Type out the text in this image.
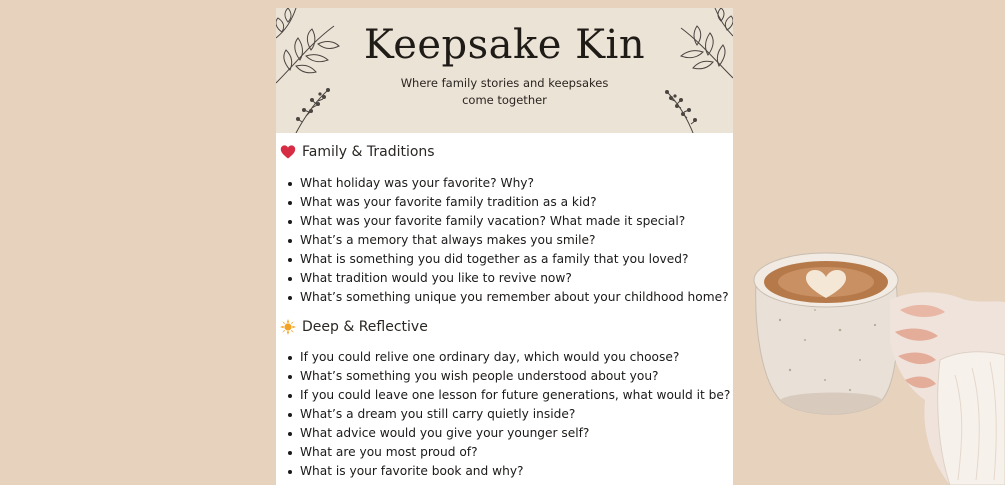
Keepsake Kin
Where family stories and keepsakes
come together
Family & Traditions
What holiday was your favorite? Why?
What was your favorite family tradition as a kid?
What was your favorite family vacation? What made it special?
What’s a memory that always makes you smile?
What is something you did together as a family that you loved?
What tradition would you like to revive now?
What’s something unique you remember about your childhood home?
Deep & Reflective
If you could relive one ordinary day, which would you choose?
What’s something you wish people understood about you?
If you could leave one lesson for future generations, what would it be?
What’s a dream you still carry quietly inside?
What advice would you give your younger self?
What are you most proud of?
What is your favorite book and why?
